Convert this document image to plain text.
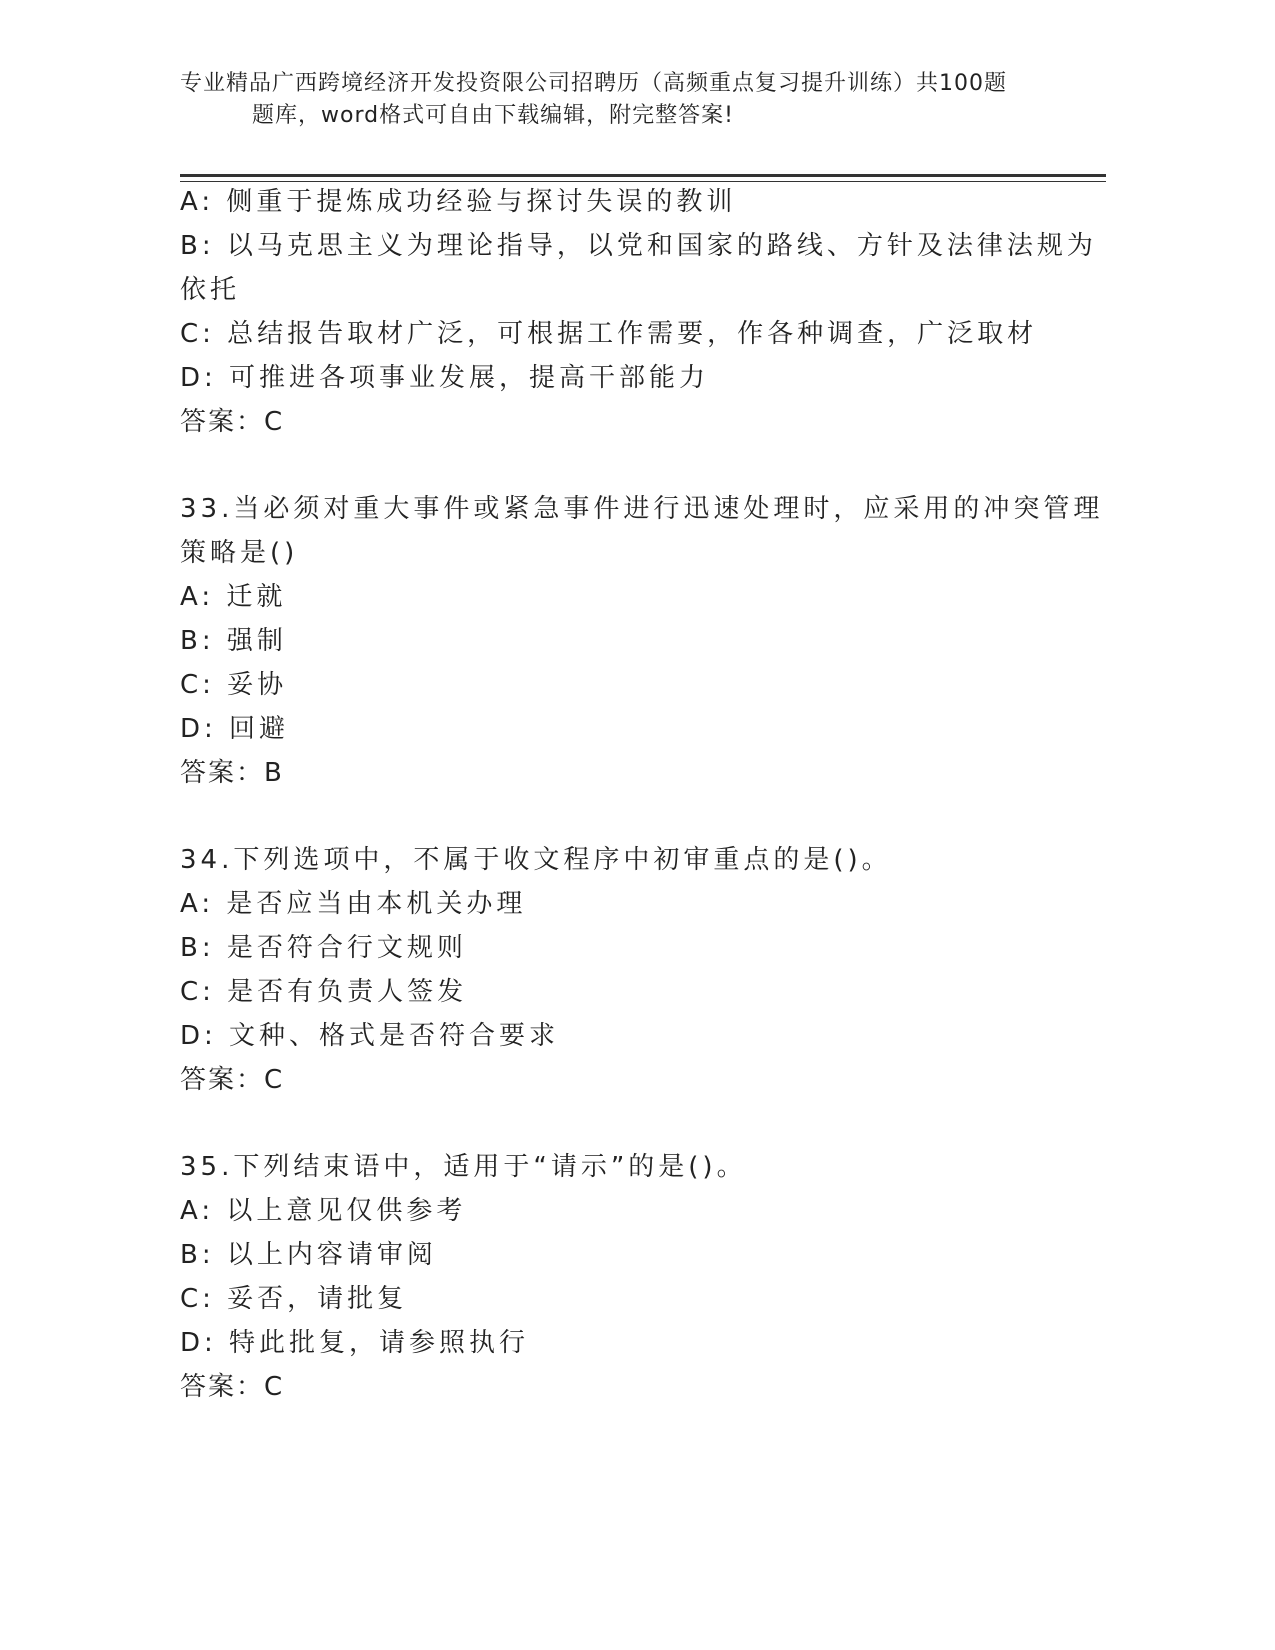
专业精品广西跨境经济开发投资限公司招聘历（高频重点复习提升训练）共100题
题库，word格式可自由下载编辑，附完整答案!
A: 侧重于提炼成功经验与探讨失误的教训
B: 以马克思主义为理论指导，以党和国家的路线、方针及法律法规为
依托
C: 总结报告取材广泛，可根据工作需要，作各种调查，广泛取材
D: 可推进各项事业发展，提高干部能力
答案：C
33.当必须对重大事件或紧急事件进行迅速处理时，应采用的冲突管理
策略是()
A: 迁就
B: 强制
C: 妥协
D: 回避
答案：B
34.下列选项中，不属于收文程序中初审重点的是()。
A: 是否应当由本机关办理
B: 是否符合行文规则
C: 是否有负责人签发
D: 文种、格式是否符合要求
答案：C
35.下列结束语中，适用于“请示”的是()。
A: 以上意见仅供参考
B: 以上内容请审阅
C: 妥否，请批复
D: 特此批复，请参照执行
答案：C
